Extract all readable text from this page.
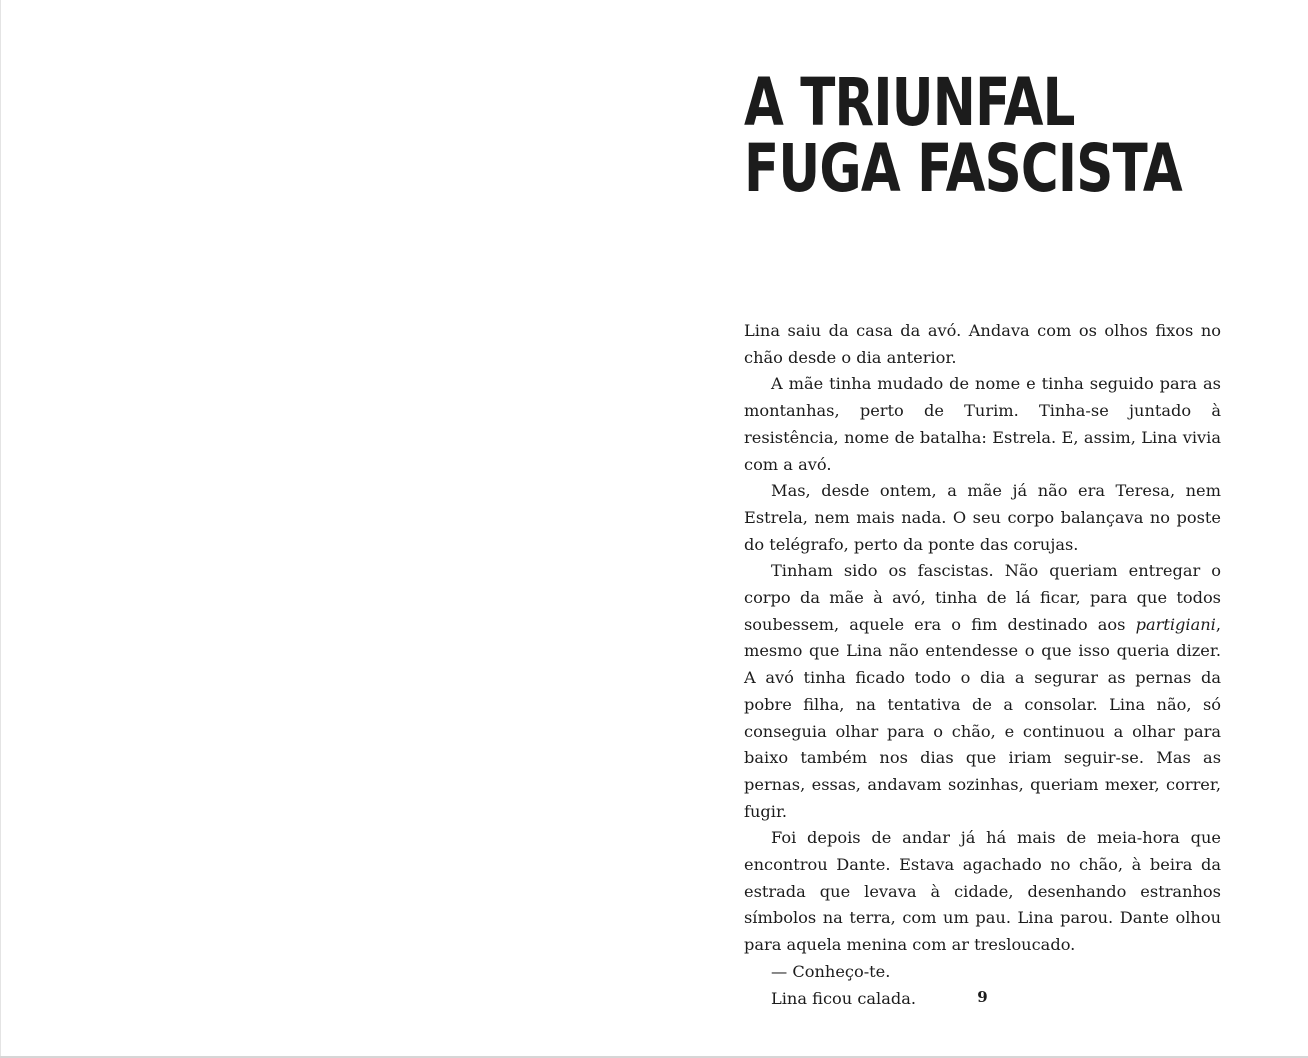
A TRIUNFAL
FUGA FASCISTA

Lina saiu da casa da avó. Andava com os olhos fixos no chão desde o dia anterior.

A mãe tinha mudado de nome e tinha seguido para as montanhas, perto de Turim. Tinha-se juntado à resistência, nome de batalha: Estrela. E, assim, Lina vivia com a avó.

Mas, desde ontem, a mãe já não era Teresa, nem Estrela, nem mais nada. O seu corpo balançava no poste do telégrafo, perto da ponte das corujas.

Tinham sido os fascistas. Não queriam entregar o corpo da mãe à avó, tinha de lá ficar, para que todos soubessem, aquele era o fim destinado aos partigiani, mesmo que Lina não entendesse o que isso queria dizer. A avó tinha ficado todo o dia a segurar as pernas da pobre filha, na tentativa de a consolar. Lina não, só conseguia olhar para o chão, e continuou a olhar para baixo também nos dias que iriam seguir-se. Mas as pernas, essas, andavam sozinhas, queriam mexer, correr, fugir.

Foi depois de andar já há mais de meia-hora que encontrou Dante. Estava agachado no chão, à beira da estrada que levava à cidade, desenhando estranhos símbolos na terra, com um pau. Lina parou. Dante olhou para aquela menina com ar tresloucado.

— Conheço-te.

Lina ficou calada.	9
